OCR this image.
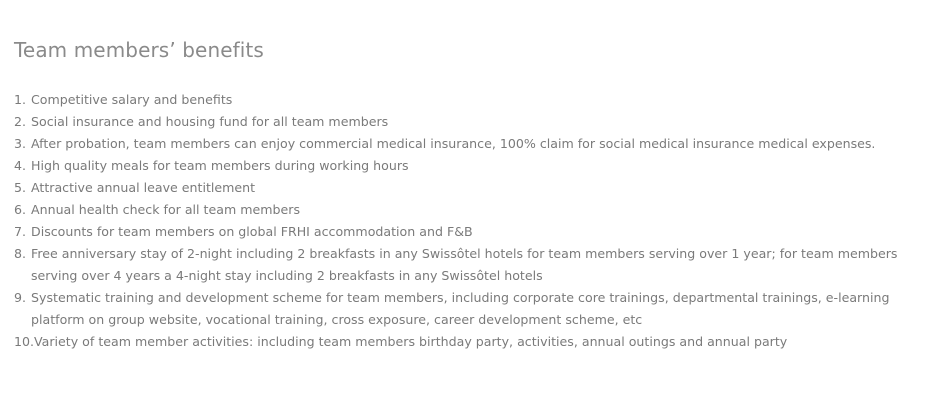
Team members’ benefits
1. Competitive salary and benefits
2. Social insurance and housing fund for all team members
3. After probation, team members can enjoy commercial medical insurance, 100% claim for social medical insurance medical expenses.
4. High quality meals for team members during working hours
5. Attractive annual leave entitlement
6. Annual health check for all team members
7. Discounts for team members on global FRHI accommodation and F&B
8. Free anniversary stay of 2-night including 2 breakfasts in any Swissôtel hotels for team members serving over 1 year; for team members serving over 4 years a 4-night stay including 2 breakfasts in any Swissôtel hotels
9. Systematic training and development scheme for team members, including corporate core trainings, departmental trainings, e-learning platform on group website, vocational training, cross exposure, career development scheme, etc
10. Variety of team member activities: including team members birthday party, activities, annual outings and annual party
